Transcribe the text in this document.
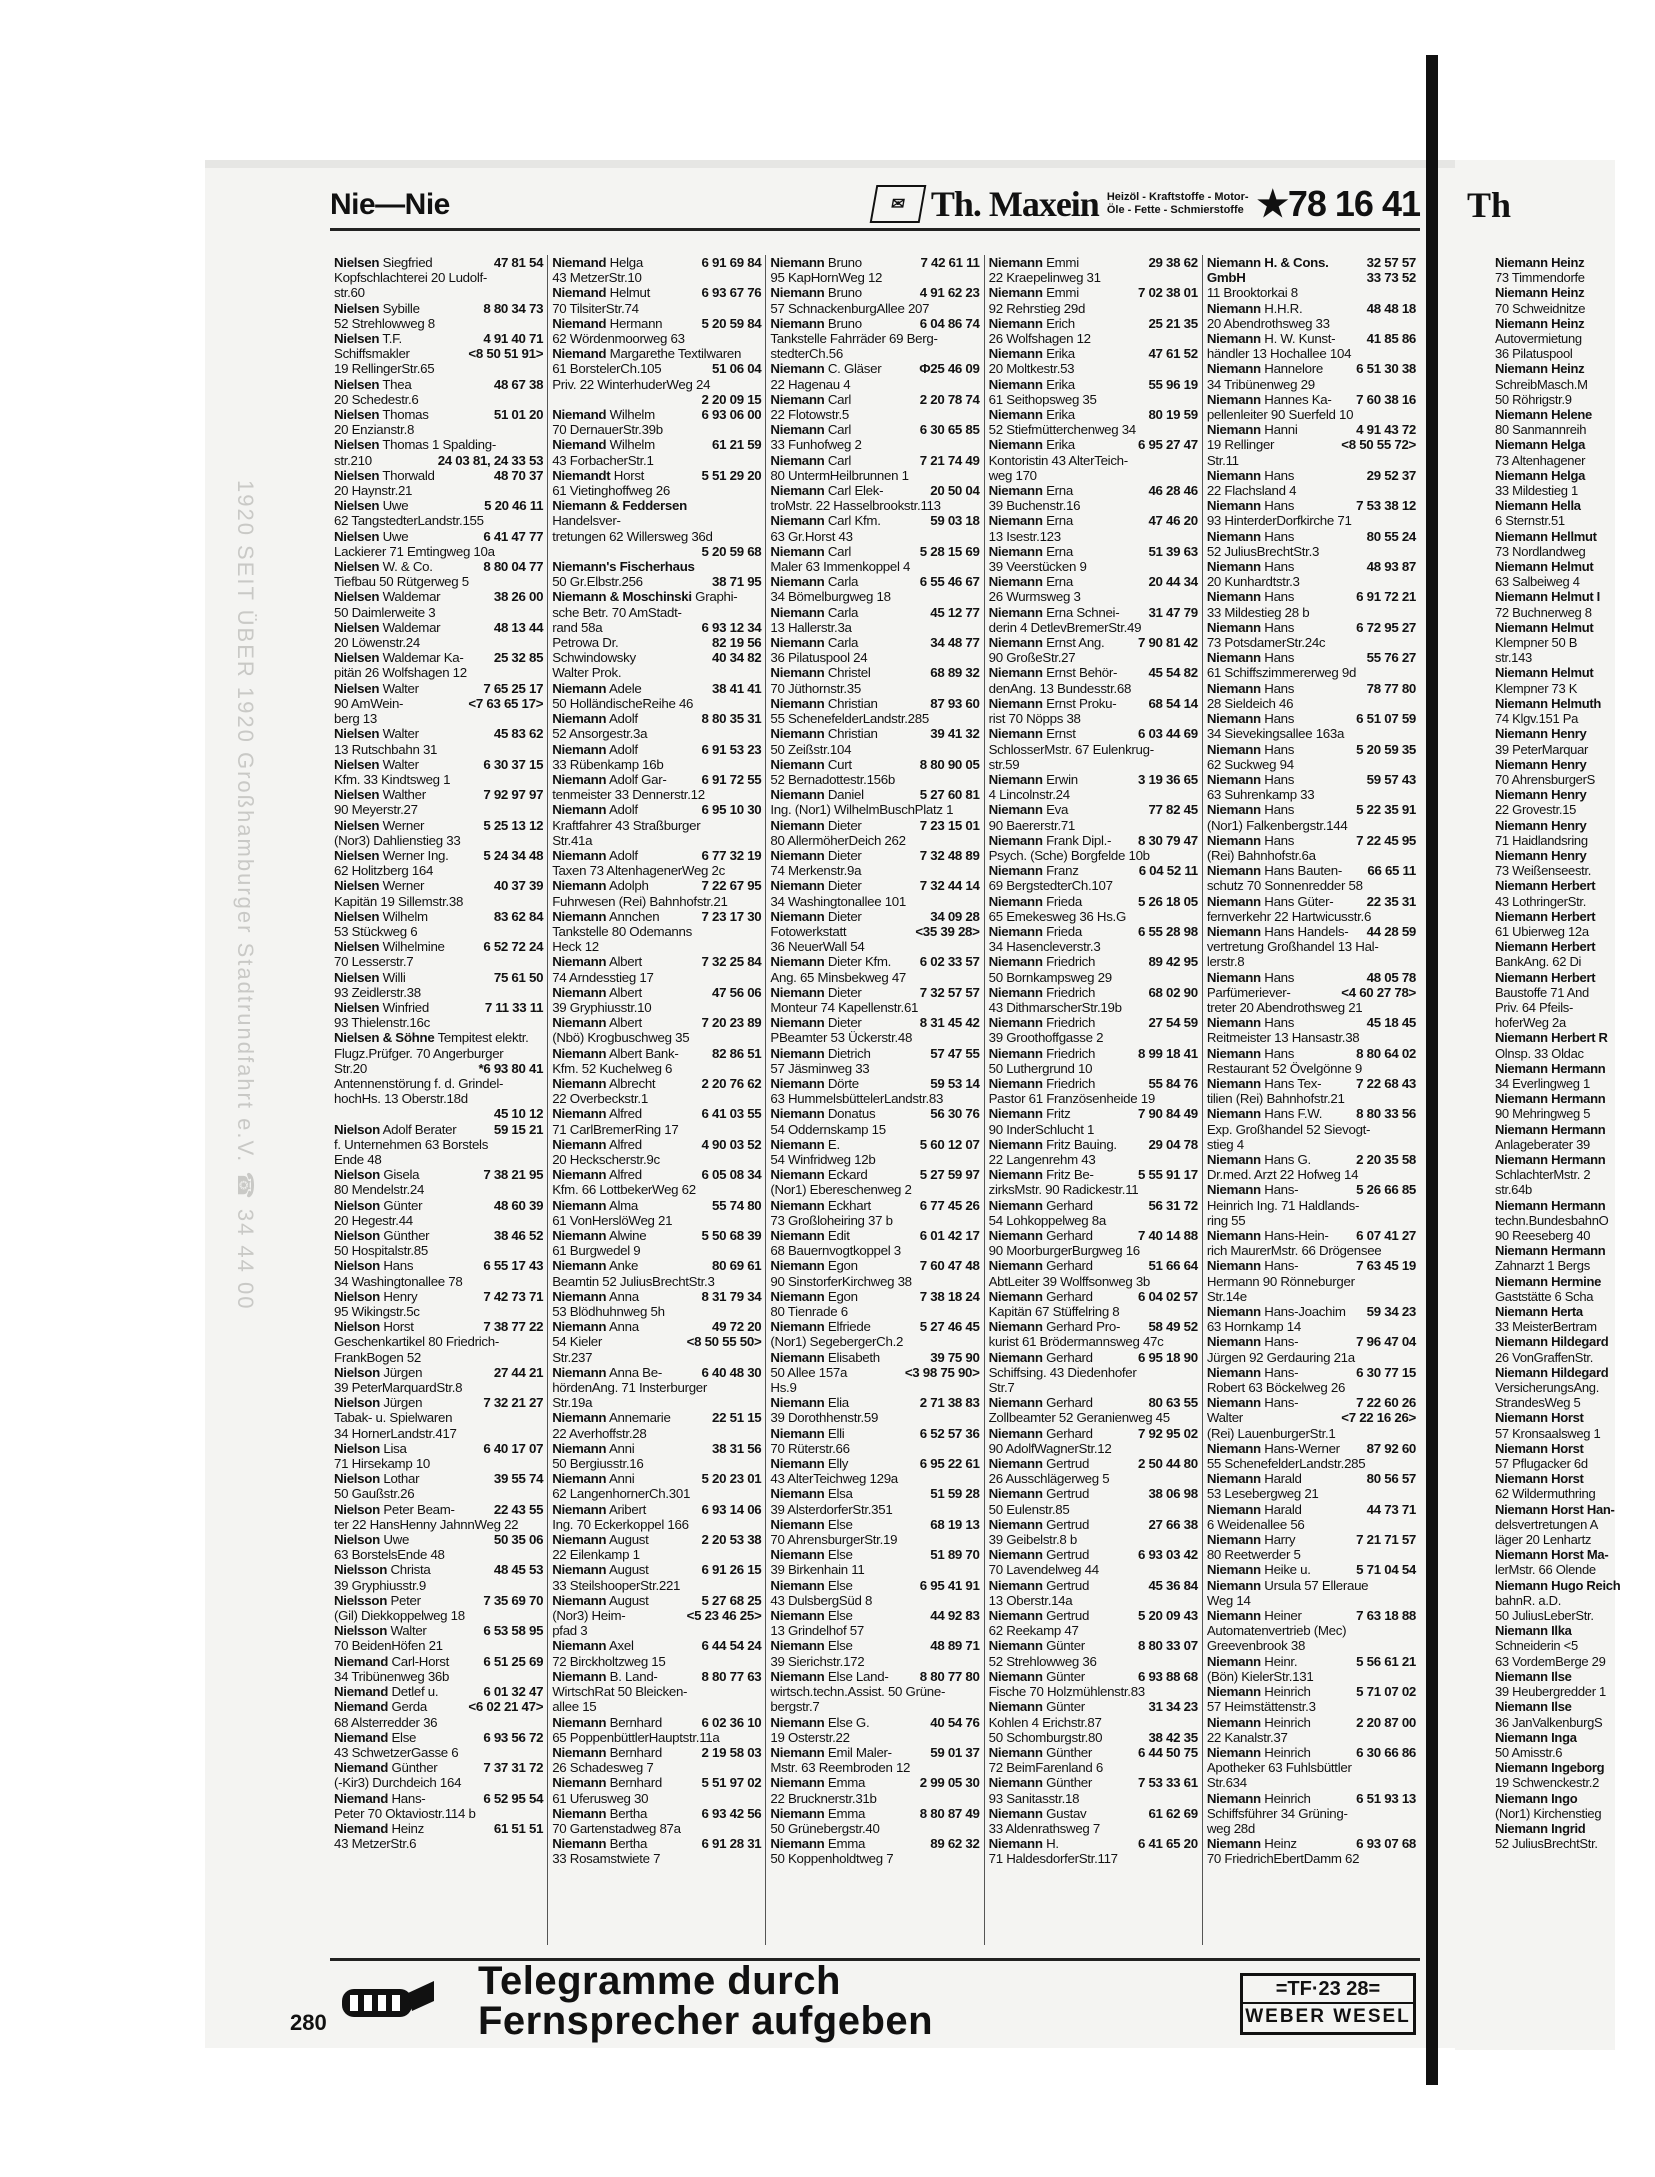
Th
Niemann Heinz
73 Timmendorfe
Niemann Heinz
70 Schweidnitze
Niemann Heinz
Autovermietung
36 Pilatuspool
Niemann Heinz
SchreibMasch.M
50 Röhrigstr.9
Niemann Helene
80 Sanmannreih
Niemann Helga
73 Altenhagener
Niemann Helga
33 Mildestieg 1
Niemann Hella
6 Sternstr.51
Niemann Hellmut
73 Nordlandweg
Niemann Helmut
63 Salbeiweg 4
Niemann Helmut I
72 Buchnerweg 8
Niemann Helmut
Klempner 50 B
str.143
Niemann Helmut
Klempner 73 K
Niemann Helmuth
74 Klgv.151 Pa
Niemann Henry
39 PeterMarquar
Niemann Henry
70 AhrensburgerS
Niemann Henry
22 Grovestr.15
Niemann Henry
71 Haidlandsring
Niemann Henry
73 Weißenseestr.
Niemann Herbert
43 LothringerStr.
Niemann Herbert
61 Ubierweg 12a
Niemann Herbert
BankAng. 62 Di
Niemann Herbert
Baustoffe 71 And
Priv. 64 Pfeils-
hoferWeg 2a
Niemann Herbert R
Olnsp. 33 Oldac
Niemann Hermann
34 Everlingweg 1
Niemann Hermann
90 Mehringweg 5
Niemann Hermann
Anlageberater 39
Niemann Hermann
SchlachterMstr. 2
str.64b
Niemann Hermann
techn.BundesbahnO
90 Reeseberg 40
Niemann Hermann
Zahnarzt 1 Bergs
Niemann Hermine
Gaststätte 6 Scha
Niemann Herta
33 MeisterBertram
Niemann Hildegard
26 VonGraffenStr.
Niemann Hildegard
VersicherungsAng.
StrandesWeg 5
Niemann Horst
57 Kronsaalsweg 1
Niemann Horst
57 Pflugacker 6d
Niemann Horst
62 Wildermuthring
Niemann Horst Han-
delsvertretungen A
läger 20 Lenhartz
Niemann Horst Ma-
lerMstr. 66 Olende
Niemann Hugo Reich
bahnR. a.D.
50 JuliusLeberStr.
Niemann Ilka
Schneiderin <5
63 VordemBerge 29
Niemann Ilse
39 Heubergredder 1
Niemann Ilse
36 JanValkenburgS
Niemann Inga
50 Amisstr.6
Niemann Ingeborg
19 Schwenckestr.2
Niemann Ingo
(Nor1) Kirchenstieg
Niemann Ingrid
52 JuliusBrechtStr.
1920 SEIT ÜBER 1920 Großhamburger Stadtrundfahrt e.V. ☎ 34 44 00
Nie—Nie	✉ Th. Maxein Heizöl - Kraftstoffe - Motor-
Öle - Fette - Schmierstoffe ★78 16 41
Nielsen Siegfried	47 81 54
Kopfschlachterei 20 Ludolf-
str.60
Nielsen Sybille	8 80 34 73
52 Strehlowweg 8
Nielsen T.F.	4 91 40 71
Schiffsmakler	<8 50 51 91>
19 RellingerStr.65
Nielsen Thea	48 67 38
20 Schedestr.6
Nielsen Thomas	51 01 20
20 Enzianstr.8
Nielsen Thomas 1 Spalding-
str.210	24 03 81, 24 33 53
Nielsen Thorwald	48 70 37
20 Haynstr.21
Nielsen Uwe	5 20 46 11
62 TangstedterLandstr.155
Nielsen Uwe	6 41 47 77
Lackierer 71 Emtingweg 10a
Nielsen W. & Co.	8 80 04 77
Tiefbau 50 Rütgerweg 5
Nielsen Waldemar	38 26 00
50 Daimlerweite 3
Nielsen Waldemar	48 13 44
20 Löwenstr.24
Nielsen Waldemar Ka- 25 32 85
pitän 26 Wolfshagen 12
Nielsen Walter	7 65 25 17
90 AmWein-	<7 63 65 17>
berg 13
Nielsen Walter	45 83 62
13 Rutschbahn 31
Nielsen Walter	6 30 37 15
Kfm. 33 Kindtsweg 1
Nielsen Walther	7 92 97 97
90 Meyerstr.27
Nielsen Werner	5 25 13 12
(Nor3) Dahlienstieg 33
Nielsen Werner Ing.	5 24 34 48
62 Holitzberg 164
Nielsen Werner	40 37 39
Kapitän 19 Sillemstr.38
Nielsen Wilhelm	83 62 84
53 Stückweg 6
Nielsen Wilhelmine	6 52 72 24
70 Lesserstr.7
Nielsen Willi	75 61 50
93 Zeidlerstr.38
Nielsen Winfried	7 11 33 11
93 Thielenstr.16c
Nielsen & Söhne Tempitest elektr.
Flugz.Prüfger. 70 Angerburger
Str.20	*6 93 80 41
Antennenstörung f. d. Grindel-
hochHs. 13 Oberstr.18d
45 10 12
Nielson Adolf Berater	59 15 21
f. Unternehmen 63 Borstels
Ende 48
Nielson Gisela	7 38 21 95
80 Mendelstr.24
Nielson Günter	48 60 39
20 Hegestr.44
Nielson Günther	38 46 52
50 Hospitalstr.85
Nielson Hans	6 55 17 43
34 Washingtonallee 78
Nielson Henry	7 42 73 71
95 Wikingstr.5c
Nielson Horst	7 38 77 22
Geschenkartikel 80 Friedrich-
FrankBogen 52
Nielson Jürgen	27 44 21
39 PeterMarquardStr.8
Nielson Jürgen	7 32 21 27
Tabak- u. Spielwaren
34 HornerLandstr.417
Nielson Lisa	6 40 17 07
71 Hirsekamp 10
Nielson Lothar	39 55 74
50 Gaußstr.26
Nielson Peter Beam-	22 43 55
ter 22 HansHenny JahnnWeg 22
Nielson Uwe	50 35 06
63 BorstelsEnde 48
Nielsson Christa	48 45 53
39 Gryphiusstr.9
Nielsson Peter	7 35 69 70
(Gil) Diekkoppelweg 18
Nielsson Walter	6 53 58 95
70 BeidenHöfen 21
Niemand Carl-Horst	6 51 25 69
34 Tribünenweg 36b
Niemand Detlef u.	6 01 32 47
Niemand Gerda	<6 02 21 47>
68 Alsterredder 36
Niemand Else	6 93 56 72
43 SchwetzerGasse 6
Niemand Günther	7 37 31 72
(-Kir3) Durchdeich 164
Niemand Hans-	6 52 95 54
Peter 70 Oktaviostr.114 b
Niemand Heinz	61 51 51
43 MetzerStr.6
Niemand Helga	6 91 69 84
43 MetzerStr.10
Niemand Helmut	6 93 67 76
70 TilsiterStr.74
Niemand Hermann	5 20 59 84
62 Wördenmoorweg 63
Niemand Margarethe Textilwaren
61 BorstelerCh.105	51 06 04
Priv. 22 WinterhuderWeg 24
2 20 09 15
Niemand Wilhelm	6 93 06 00
70 DernauerStr.39b
Niemand Wilhelm	61 21 59
43 ForbacherStr.1
Niemandt Horst	5 51 29 20
61 Vietinghoffweg 26
Niemann & Feddersen Handelsver-
tretungen 62 Willersweg 36d
5 20 59 68
Niemann's Fischerhaus
50 Gr.Elbstr.256	38 71 95
Niemann & Moschinski Graphi-
sche Betr. 70 AmStadt-
rand 58a	6 93 12 34
Petrowa Dr.	82 19 56
Schwindowsky	40 34 82
Walter Prok.
Niemann Adele	38 41 41
50 HolländischeReihe 46
Niemann Adolf	8 80 35 31
52 Ansorgestr.3a
Niemann Adolf	6 91 53 23
33 Rübenkamp 16b
Niemann Adolf Gar-	6 91 72 55
tenmeister 33 Dennerstr.12
Niemann Adolf	6 95 10 30
Kraftfahrer 43 Straßburger
Str.41a
Niemann Adolf	6 77 32 19
Taxen 73 AltenhagenerWeg 2c
Niemann Adolph	7 22 67 95
Fuhrwesen (Rei) Bahnhofstr.21
Niemann Annchen	7 23 17 30
Tankstelle 80 Odemanns
Heck 12
Niemann Albert	7 32 25 84
74 Arndesstieg 17
Niemann Albert	47 56 06
39 Gryphiusstr.10
Niemann Albert	7 20 23 89
(Nbö) Krogbuschweg 35
Niemann Albert Bank-	82 86 51
Kfm. 52 Kuchelweg 6
Niemann Albrecht	2 20 76 62
22 Overbeckstr.1
Niemann Alfred	6 41 03 55
71 CarlBremerRing 17
Niemann Alfred	4 90 03 52
20 Heckscherstr.9c
Niemann Alfred	6 05 08 34
Kfm. 66 LottbekerWeg 62
Niemann Alma	55 74 80
61 VonHerslöWeg 21
Niemann Alwine	5 50 68 39
61 Burgwedel 9
Niemann Anke	80 69 61
Beamtin 52 JuliusBrechtStr.3
Niemann Anna	8 31 79 34
53 Blödhuhnweg 5h
Niemann Anna	49 72 20
54 Kieler	<8 50 55 50>
Str.237
Niemann Anna Be-	6 40 48 30
hördenAng. 71 Insterburger
Str.19a
Niemann Annemarie	22 51 15
22 Averhoffstr.28
Niemann Anni	38 31 56
50 Bergiusstr.16
Niemann Anni	5 20 23 01
62 LangenhornerCh.301
Niemann Aribert	6 93 14 06
Ing. 70 Eckerkoppel 166
Niemann August	2 20 53 38
22 Eilenkamp 1
Niemann August	6 91 26 15
33 SteilshooperStr.221
Niemann August	5 27 68 25
(Nor3) Heim-	<5 23 46 25>
pfad 3
Niemann Axel	6 44 54 24
72 Birckholtzweg 15
Niemann B. Land-	8 80 77 63
WirtschRat 50 Bleicken-
allee 15
Niemann Bernhard	6 02 36 10
65 PoppenbüttlerHauptstr.11a
Niemann Bernhard	2 19 58 03
26 Schadesweg 7
Niemann Bernhard	5 51 97 02
61 Uferusweg 30
Niemann Bertha	6 93 42 56
70 Gartenstadweg 87a
Niemann Bertha	6 91 28 31
33 Rosamstwiete 7
Niemann Bruno	7 42 61 11
95 KapHornWeg 12
Niemann Bruno	4 91 62 23
57 SchnackenburgAllee 207
Niemann Bruno	6 04 86 74
Tankstelle Fahrräder 69 Berg-
stedterCh.56
Niemann C. Gläser	Ф25 46 09
22 Hagenau 4
Niemann Carl	2 20 78 74
22 Flotowstr.5
Niemann Carl	6 30 65 85
33 Funhofweg 2
Niemann Carl	7 21 74 49
80 UntermHeilbrunnen 1
Niemann Carl Elek-	20 50 04
troMstr. 22 Hasselbrookstr.113
Niemann Carl Kfm.	59 03 18
63 Gr.Horst 43
Niemann Carl	5 28 15 69
Maler 63 Immenkoppel 4
Niemann Carla	6 55 46 67
34 Bömelburgweg 18
Niemann Carla	45 12 77
13 Hallerstr.3a
Niemann Carla	34 48 77
36 Pilatuspool 24
Niemann Christel	68 89 32
70 Jüthornstr.35
Niemann Christian	87 93 60
55 SchenefelderLandstr.285
Niemann Christian	39 41 32
50 Zeißstr.104
Niemann Curt	8 80 90 05
52 Bernadottestr.156b
Niemann Daniel	5 27 60 81
Ing. (Nor1) WilhelmBuschPlatz 1
Niemann Dieter	7 23 15 01
80 AllermöherDeich 262
Niemann Dieter	7 32 48 89
74 Merkenstr.9a
Niemann Dieter	7 32 44 14
34 Washingtonallee 101
Niemann Dieter	34 09 28
Fotowerkstatt	<35 39 28>
36 NeuerWall 54
Niemann Dieter Kfm. 6 02 33 57
Ang. 65 Minsbekweg 47
Niemann Dieter	7 32 57 57
Monteur 74 Kapellenstr.61
Niemann Dieter	8 31 45 42
PBeamter 53 Ückerstr.48
Niemann Dietrich	57 47 55
57 Jäsminweg 33
Niemann Dörte	59 53 14
63 HummelsbüttelerLandstr.83
Niemann Donatus	56 30 76
54 Oddernskamp 15
Niemann E.	5 60 12 07
54 Winfridweg 12b
Niemann Eckard	5 27 59 97
(Nor1) Ebereschenweg 2
Niemann Eckhart	6 77 45 26
73 Großloheiring 37 b
Niemann Edit	6 01 42 17
68 Bauernvogtkoppel 3
Niemann Egon	7 60 47 48
90 SinstorferKirchweg 38
Niemann Egon	7 38 18 24
80 Tienrade 6
Niemann Elfriede	5 27 46 45
(Nor1) SegebergerCh.2
Niemann Elisabeth	39 75 90
50 Allee 157a	<3 98 75 90>
Hs.9
Niemann Elia	2 71 38 83
39 Dorothhenstr.59
Niemann Elli	6 52 57 36
70 Rüterstr.66
Niemann Elly	6 95 22 61
43 AlterTeichweg 129a
Niemann Elsa	51 59 28
39 AlsterdorferStr.351
Niemann Else	68 19 13
70 AhrensburgerStr.19
Niemann Else	51 89 70
39 Birkenhain 11
Niemann Else	6 95 41 91
43 DulsbergSüd 8
Niemann Else	44 92 83
13 Grindelhof 57
Niemann Else	48 89 71
39 Sierichstr.172
Niemann Else Land- 8 80 77 80
wirtsch.techn.Assist. 50 Grüne-
bergstr.7
Niemann Else G.	40 54 76
19 Osterstr.22
Niemann Emil Maler-	59 01 37
Mstr. 63 Reembroden 12
Niemann Emma	2 99 05 30
22 Brucknerstr.31b
Niemann Emma	8 80 87 49
50 Grünebergstr.40
Niemann Emma	89 62 32
50 Koppenholdtweg 7
Niemann Emmi	29 38 62
22 Kraepelinweg 31
Niemann Emmi	7 02 38 01
92 Rehrstieg 29d
Niemann Erich	25 21 35
26 Wolfshagen 12
Niemann Erika	47 61 52
20 Moltkestr.53
Niemann Erika	55 96 19
61 Seithopsweg 35
Niemann Erika	80 19 59
52 Stiefmütterchenweg 34
Niemann Erika	6 95 27 47
Kontoristin 43 AlterTeich-
weg 170
Niemann Erna	46 28 46
39 Buchenstr.16
Niemann Erna	47 46 20
13 Isestr.123
Niemann Erna	51 39 63
39 Veerstücken 9
Niemann Erna	20 44 34
26 Wurmsweg 3
Niemann Erna Schnei- 31 47 79
derin 4 DetlevBremerStr.49
Niemann Ernst Ang.	7 90 81 42
90 GroßeStr.27
Niemann Ernst Behör- 45 54 82
denAng. 13 Bundesstr.68
Niemann Ernst Proku- 68 54 14
rist 70 Nöpps 38
Niemann Ernst	6 03 44 69
SchlosserMstr. 67 Eulenkrug-
str.59
Niemann Erwin	3 19 36 65
4 Lincolnstr.24
Niemann Eva	77 82 45
90 Baererstr.71
Niemann Frank Dipl.- 8 30 79 47
Psych. (Sche) Borgfelde 10b
Niemann Franz	6 04 52 11
69 BergstedterCh.107
Niemann Frieda	5 26 18 05
65 Emekesweg 36 Hs.G
Niemann Frieda	6 55 28 98
34 Hasencleverstr.3
Niemann Friedrich	89 42 95
50 Bornkampsweg 29
Niemann Friedrich	68 02 90
43 DithmarscherStr.19b
Niemann Friedrich	27 54 59
39 Groothoffgasse 2
Niemann Friedrich	8 99 18 41
50 Luthergrund 10
Niemann Friedrich	55 84 76
Pastor 61 Französenheide 19
Niemann Fritz	7 90 84 49
90 InderSchlucht 1
Niemann Fritz Bauing. 29 04 78
22 Langenrehm 43
Niemann Fritz Be-	5 55 91 17
zirksMstr. 90 Radickestr.11
Niemann Gerhard	56 31 72
54 Lohkoppelweg 8a
Niemann Gerhard	7 40 14 88
90 MoorburgerBurgweg 16
Niemann Gerhard	51 66 64
AbtLeiter 39 Wolffsonweg 3b
Niemann Gerhard	6 04 02 57
Kapitän 67 Stüffelring 8
Niemann Gerhard Pro- 58 49 52
kurist 61 Brödermannsweg 47c
Niemann Gerhard	6 95 18 90
Schiffsing. 43 Diedenhofer
Str.7
Niemann Gerhard	80 63 55
Zollbeamter 52 Geranienweg 45
Niemann Gerhard	7 92 95 02
90 AdolfWagnerStr.12
Niemann Gertrud	2 50 44 80
26 Ausschlägerweg 5
Niemann Gertrud	38 06 98
50 Eulenstr.85
Niemann Gertrud	27 66 38
39 Geibelstr.8 b
Niemann Gertrud	6 93 03 42
70 Lavendelweg 44
Niemann Gertrud	45 36 84
13 Oberstr.14a
Niemann Gertrud	5 20 09 43
62 Reekamp 47
Niemann Günter	8 80 33 07
52 Strehlowweg 36
Niemann Günter	6 93 88 68
Fische 70 Holzmühlenstr.83
Niemann Günter	31 34 23
Kohlen 4 Erichstr.87
50 Schomburgstr.80	38 42 35
Niemann Günther	6 44 50 75
72 BeimFarenland 6
Niemann Günther	7 53 33 61
93 Sanitasstr.18
Niemann Gustav	61 62 69
33 Aldenrathsweg 7
Niemann H.	6 41 65 20
71 HaldesdorferStr.117
Niemann H. & Cons.	32 57 57
GmbH	33 73 52
11 Brooktorkai 8
Niemann H.H.R.	48 48 18
20 Abendrothsweg 33
Niemann H. W. Kunst- 41 85 86
händler 13 Hochallee 104
Niemann Hannelore 6 51 30 38
34 Tribünenweg 29
Niemann Hannes Ka- 7 60 38 16
pellenleiter 90 Suerfeld 10
Niemann Hanni	4 91 43 72
19 Rellinger	<8 50 55 72>
Str.11
Niemann Hans	29 52 37
22 Flachsland 4
Niemann Hans	7 53 38 12
93 HinterderDorfkirche 71
Niemann Hans	80 55 24
52 JuliusBrechtStr.3
Niemann Hans	48 93 87
20 Kunhardtstr.3
Niemann Hans	6 91 72 21
33 Mildestieg 28 b
Niemann Hans	6 72 95 27
73 PotsdamerStr.24c
Niemann Hans	55 76 27
61 Schiffszimmererweg 9d
Niemann Hans	78 77 80
28 Sieldeich 46
Niemann Hans	6 51 07 59
34 Sievekingsallee 163a
Niemann Hans	5 20 59 35
62 Suckweg 94
Niemann Hans	59 57 43
63 Suhrenkamp 33
Niemann Hans	5 22 35 91
(Nor1) Falkenbergstr.144
Niemann Hans	7 22 45 95
(Rei) Bahnhofstr.6a
Niemann Hans Bauten- 66 65 11
schutz 70 Sonnenredder 58
Niemann Hans Güter-	22 35 31
fernverkehr 22 Hartwicusstr.6
Niemann Hans Handels- 44 28 59
vertretung Großhandel 13 Hal-
lerstr.8
Niemann Hans	48 05 78
Parfümeriever-	<4 60 27 78>
treter 20 Abendrothsweg 21
Niemann Hans	45 18 45
Reitmeister 13 Hansastr.38
Niemann Hans	8 80 64 02
Restaurant 52 Övelgönne 9
Niemann Hans Tex-	7 22 68 43
tilien (Rei) Bahnhofstr.21
Niemann Hans F.W.	8 80 33 56
Exp. Großhandel 52 Sievogt-
stieg 4
Niemann Hans G.	2 20 35 58
Dr.med. Arzt 22 Hofweg 14
Niemann Hans-	5 26 66 85
Heinrich Ing. 71 Haldlands-
ring 55
Niemann Hans-Hein- 6 07 41 27
rich MaurerMstr. 66 Drögensee
Niemann Hans-	7 63 45 19
Hermann 90 Rönneburger
Str.14e
Niemann Hans-Joachim 59 34 23
63 Hornkamp 14
Niemann Hans-	7 96 47 04
Jürgen 92 Gerdauring 21a
Niemann Hans-	6 30 77 15
Robert 63 Böckelweg 26
Niemann Hans-	7 22 60 26
Walter	<7 22 16 26>
(Rei) LauenburgerStr.1
Niemann Hans-Werner 87 92 60
55 SchenefelderLandstr.285
Niemann Harald	80 56 57
53 Lesebergweg 21
Niemann Harald	44 73 71
6 Weidenallee 56
Niemann Harry	7 21 71 57
80 Reetwerder 5
Niemann Heike u.	5 71 04 54
Niemann Ursula 57 Elleraue
Weg 14
Niemann Heiner	7 63 18 88
Automatenvertrieb (Mec)
Greevenbrook 38
Niemann Heinr.	5 56 61 21
(Bön) KielerStr.131
Niemann Heinrich	5 71 07 02
57 Heimstättenstr.3
Niemann Heinrich	2 20 87 00
22 Kanalstr.37
Niemann Heinrich	6 30 66 86
Apotheker 63 Fuhlsbüttler
Str.634
Niemann Heinrich	6 51 93 13
Schiffsführer 34 Grüning-
weg 28d
Niemann Heinz	6 93 07 68
70 FriedrichEbertDamm 62
Telegramme durch
Fernsprecher aufgeben
=TF·23 28=
WEBER WESEL
280
